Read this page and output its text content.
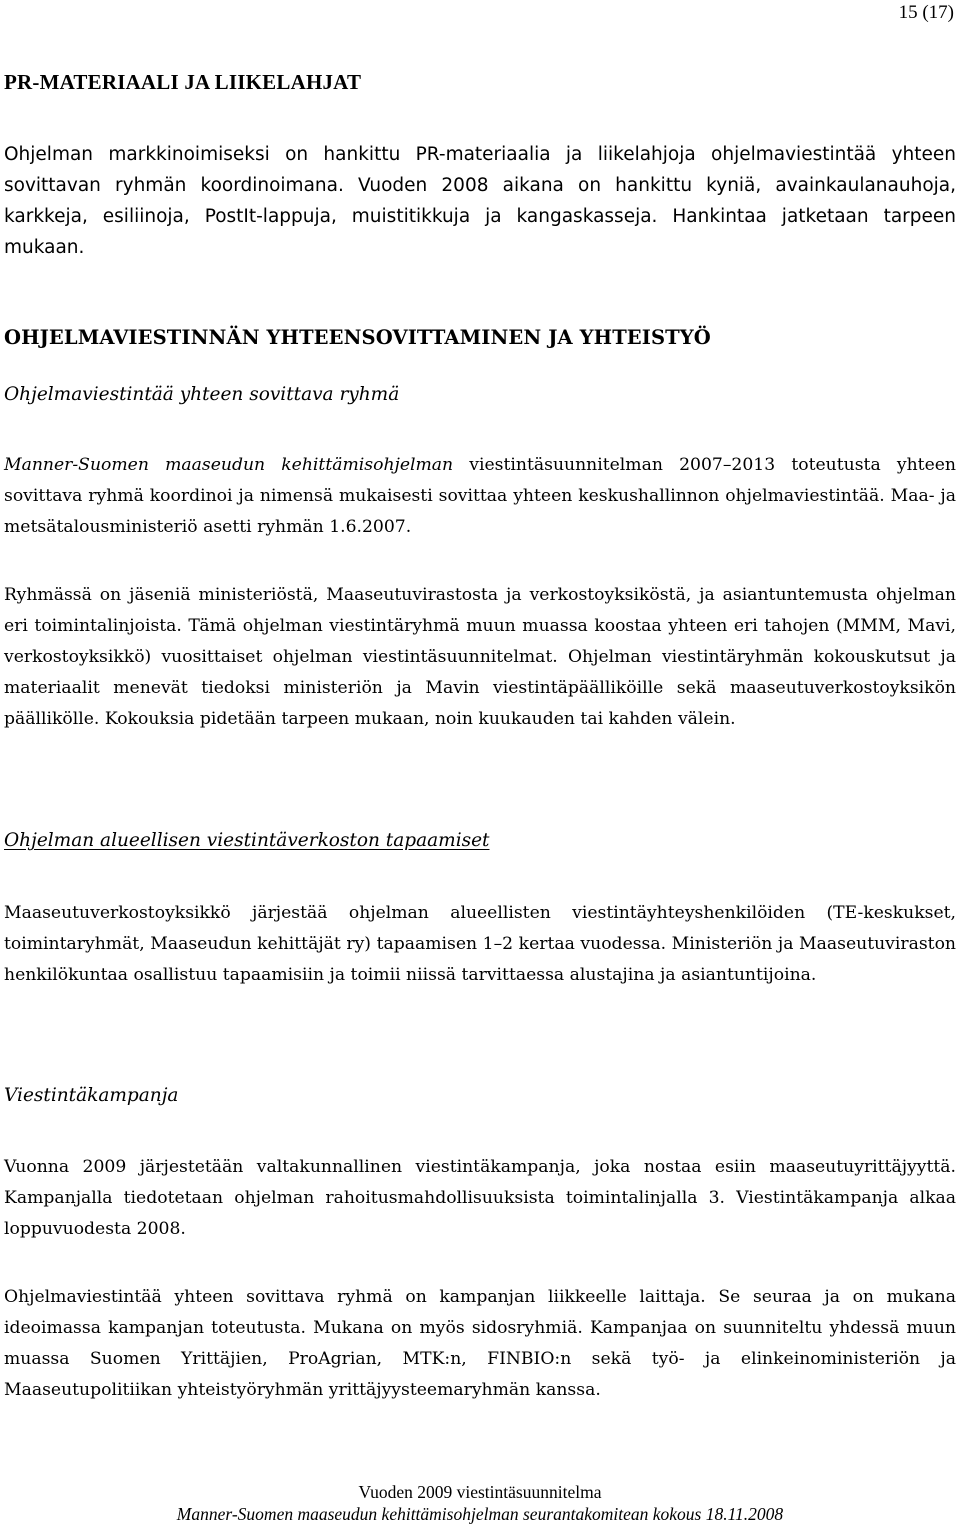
15 (17)
PR-MATERIAALI JA LIIKELAHJAT

Ohjelman markkinoimiseksi on hankittu PR-materiaalia ja liikelahjoja ohjelmaviestintää yhteen sovittavan ryhmän koordinoimana. Vuoden 2008 aikana on hankittu kyniä, avainkaulanauhoja, karkkeja, esiliinoja, PostIt-lappuja, muistitikkuja ja kangaskasseja. Hankintaa jatketaan tarpeen mukaan.

OHJELMAVIESTINNÄN YHTEENSOVITTAMINEN JA YHTEISTYÖ
Ohjelmaviestintää yhteen sovittava ryhmä

Manner-Suomen maaseudun kehittämisohjelman viestintäsuunnitelman 2007–2013 toteutusta yhteen sovittava ryhmä koordinoi ja nimensä mukaisesti sovittaa yhteen keskushallinnon ohjelmaviestintää. Maa- ja metsätalousministeriö asetti ryhmän 1.6.2007.

Ryhmässä on jäseniä ministeriöstä, Maaseutuvirastosta ja verkostoyksiköstä, ja asiantuntemusta ohjelman eri toimintalinjoista. Tämä ohjelman viestintäryhmä muun muassa koostaa yhteen eri tahojen (MMM, Mavi, verkostoyksikkö) vuosittaiset ohjelman viestintäsuunnitelmat. Ohjelman viestintäryhmän kokouskutsut ja materiaalit menevät tiedoksi ministeriön ja Mavin viestintäpäälliköille sekä maaseutuverkostoyksikön päällikölle. Kokouksia pidetään tarpeen mukaan, noin kuukauden tai kahden välein.

Ohjelman alueellisen viestintäverkoston tapaamiset

Maaseutuverkostoyksikkö järjestää ohjelman alueellisten viestintäyhteyshenkilöiden (TE-keskukset, toimintaryhmät, Maaseudun kehittäjät ry) tapaamisen 1–2 kertaa vuodessa. Ministeriön ja Maaseutuviraston henkilökuntaa osallistuu tapaamisiin ja toimii niissä tarvittaessa alustajina ja asiantuntijoina.

Viestintäkampanja

Vuonna 2009 järjestetään valtakunnallinen viestintäkampanja, joka nostaa esiin maaseutuyrittäjyyttä. Kampanjalla tiedotetaan ohjelman rahoitusmahdollisuuksista toimintalinjalla 3. Viestintäkampanja alkaa loppuvuodesta 2008.

Ohjelmaviestintää yhteen sovittava ryhmä on kampanjan liikkeelle laittaja. Se seuraa ja on mukana ideoimassa kampanjan toteutusta. Mukana on myös sidosryhmiä. Kampanjaa on suunniteltu yhdessä muun muassa Suomen Yrittäjien, ProAgrian, MTK:n, FINBIO:n sekä työ- ja elinkeinoministeriön ja Maaseutupolitiikan yhteistyöryhmän yrittäjyysteemaryhmän kanssa.

Vuoden 2009 viestintäsuunnitelma
Manner-Suomen maaseudun kehittämisohjelman seurantakomitean kokous 18.11.2008
